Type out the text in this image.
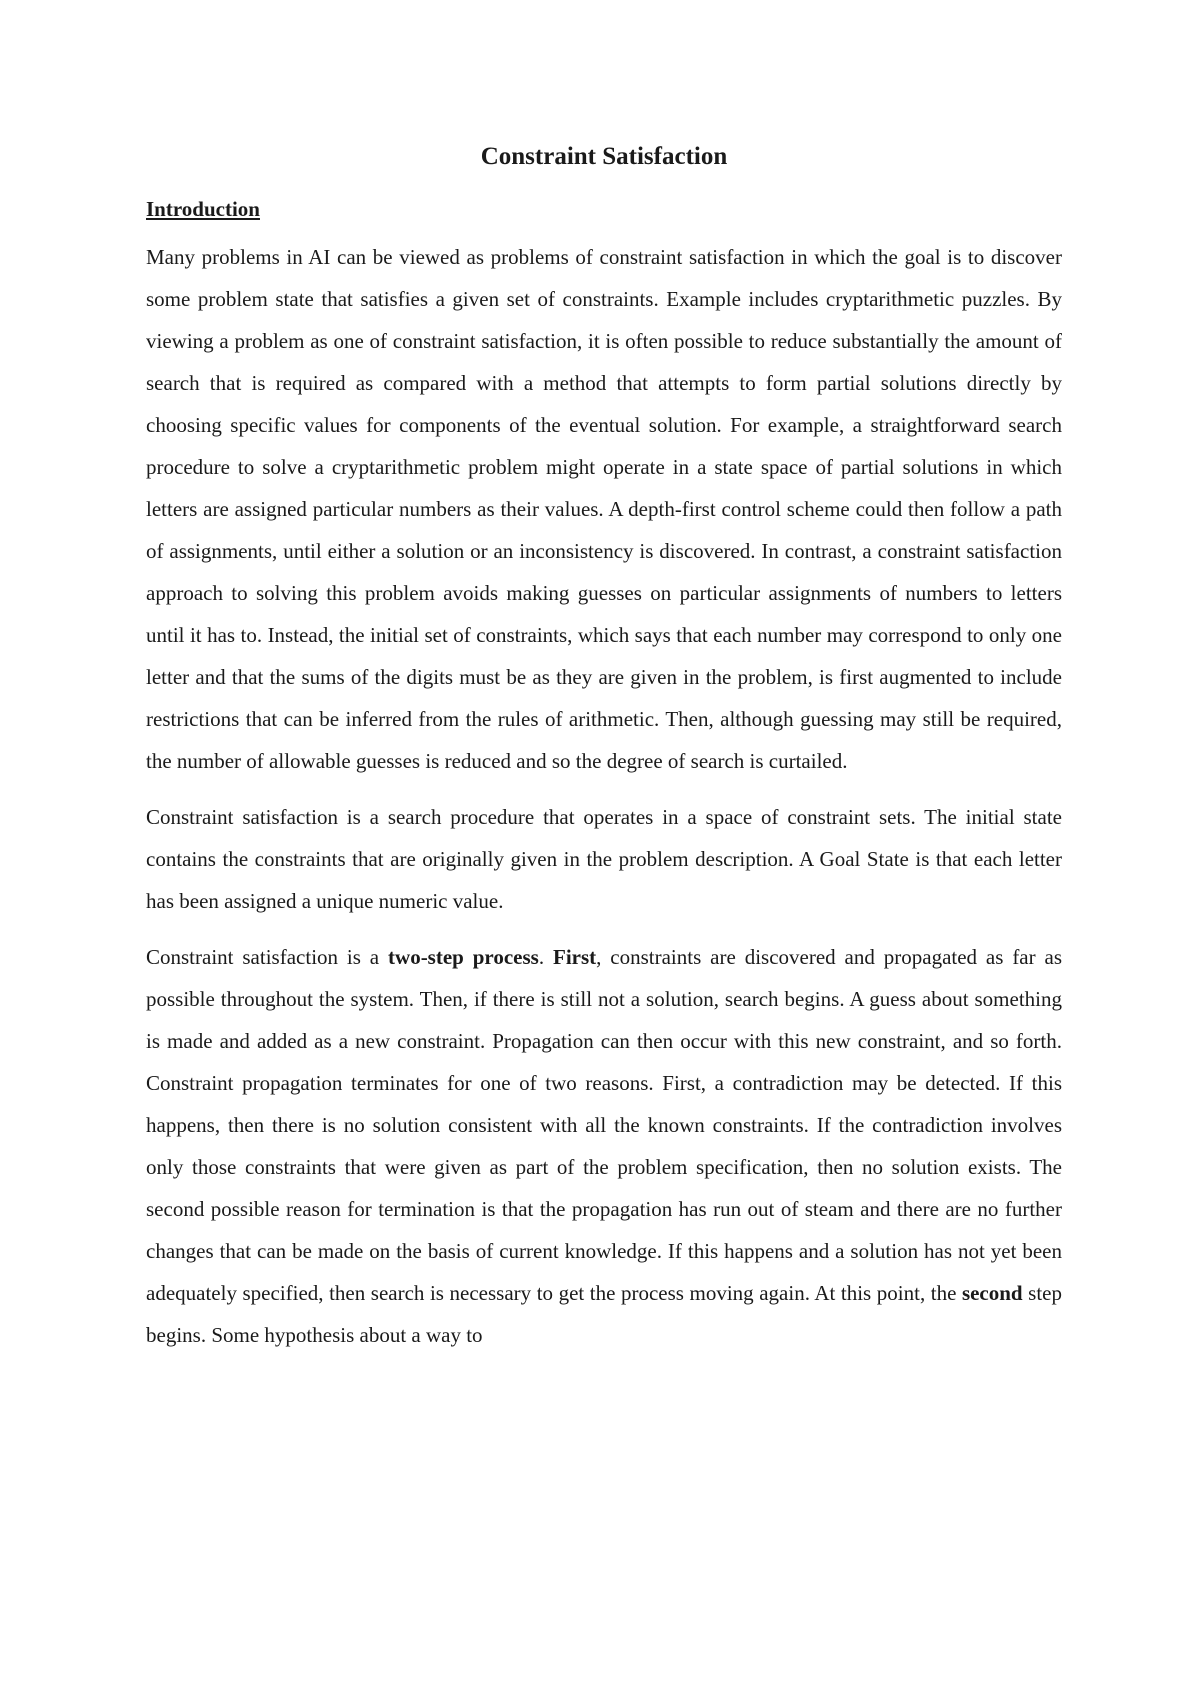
Constraint Satisfaction
Introduction

Many problems in AI can be viewed as problems of constraint satisfaction in which the goal is to discover some problem state that satisfies a given set of constraints. Example includes cryptarithmetic puzzles. By viewing a problem as one of constraint satisfaction, it is often possible to reduce substantially the amount of search that is required as compared with a method that attempts to form partial solutions directly by choosing specific values for components of the eventual solution. For example, a straightforward search procedure to solve a cryptarithmetic problem might operate in a state space of partial solutions in which letters are assigned particular numbers as their values. A depth-first control scheme could then follow a path of assignments, until either a solution or an inconsistency is discovered. In contrast, a constraint satisfaction approach to solving this problem avoids making guesses on particular assignments of numbers to letters until it has to. Instead, the initial set of constraints, which says that each number may correspond to only one letter and that the sums of the digits must be as they are given in the problem, is first augmented to include restrictions that can be inferred from the rules of arithmetic. Then, although guessing may still be required, the number of allowable guesses is reduced and so the degree of search is curtailed.

Constraint satisfaction is a search procedure that operates in a space of constraint sets. The initial state contains the constraints that are originally given in the problem description. A Goal State is that each letter has been assigned a unique numeric value.

Constraint satisfaction is a two-step process. First, constraints are discovered and propagated as far as possible throughout the system. Then, if there is still not a solution, search begins. A guess about something is made and added as a new constraint. Propagation can then occur with this new constraint, and so forth. Constraint propagation terminates for one of two reasons. First, a contradiction may be detected. If this happens, then there is no solution consistent with all the known constraints. If the contradiction involves only those constraints that were given as part of the problem specification, then no solution exists. The second possible reason for termination is that the propagation has run out of steam and there are no further changes that can be made on the basis of current knowledge. If this happens and a solution has not yet been adequately specified, then search is necessary to get the process moving again. At this point, the second step begins. Some hypothesis about a way to
